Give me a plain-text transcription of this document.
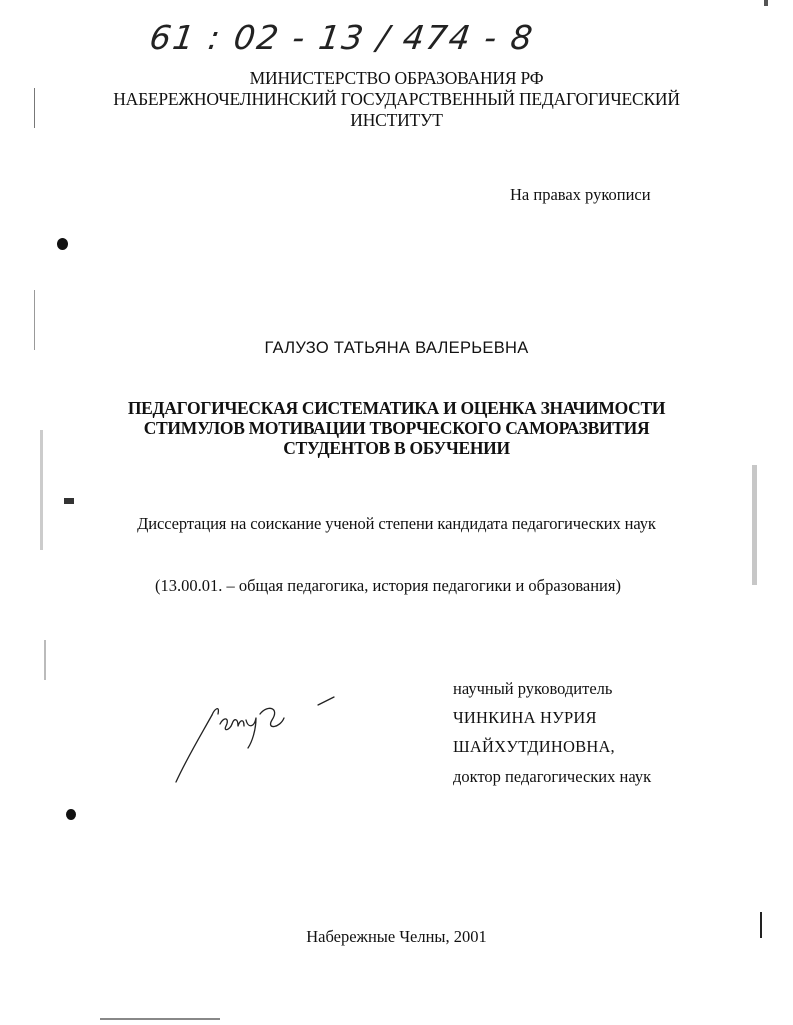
61 : 02 - 13 / 474 - 8
МИНИСТЕРСТВО ОБРАЗОВАНИЯ РФ
НАБЕРЕЖНОЧЕЛНИНСКИЙ ГОСУДАРСТВЕННЫЙ ПЕДАГОГИЧЕСКИЙ
ИНСТИТУТ
На правах рукописи
ГАЛУЗО ТАТЬЯНА ВАЛЕРЬЕВНА
ПЕДАГОГИЧЕСКАЯ СИСТЕМАТИКА И ОЦЕНКА ЗНАЧИМОСТИ
СТИМУЛОВ МОТИВАЦИИ ТВОРЧЕСКОГО САМОРАЗВИТИЯ
СТУДЕНТОВ В ОБУЧЕНИИ
Диссертация на соискание ученой степени кандидата педагогических наук
(13.00.01. – общая педагогика, история педагогики и образования)
научный руководитель
ЧИНКИНА НУРИЯ
ШАЙХУТДИНОВНА,
доктор педагогических наук
Набережные Челны, 2001
